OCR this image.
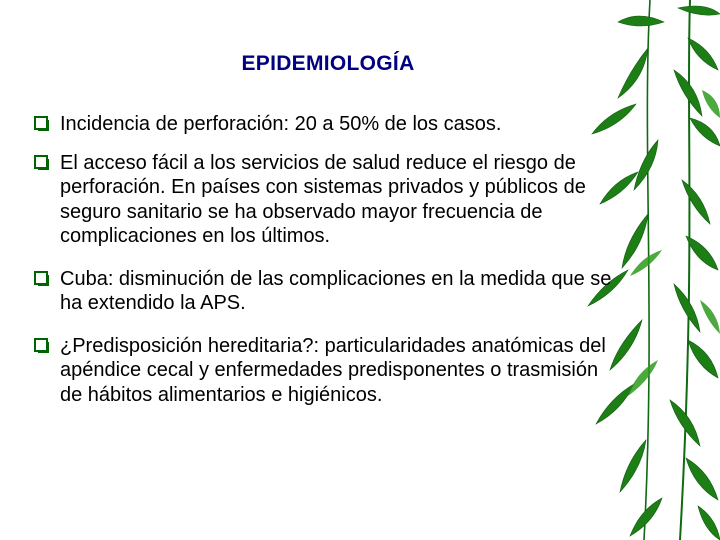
EPIDEMIOLOGÍA
Incidencia de perforación: 20 a 50% de los casos.
El acceso fácil a los servicios de salud reduce el riesgo de perforación. En países con sistemas privados y públicos de seguro sanitario se ha observado mayor frecuencia de complicaciones en los últimos.
Cuba: disminución de las complicaciones en la medida que se ha extendido la APS.
¿Predisposición hereditaria?: particularidades anatómicas del apéndice cecal y enfermedades predisponentes o trasmisión de hábitos alimentarios e higiénicos.
